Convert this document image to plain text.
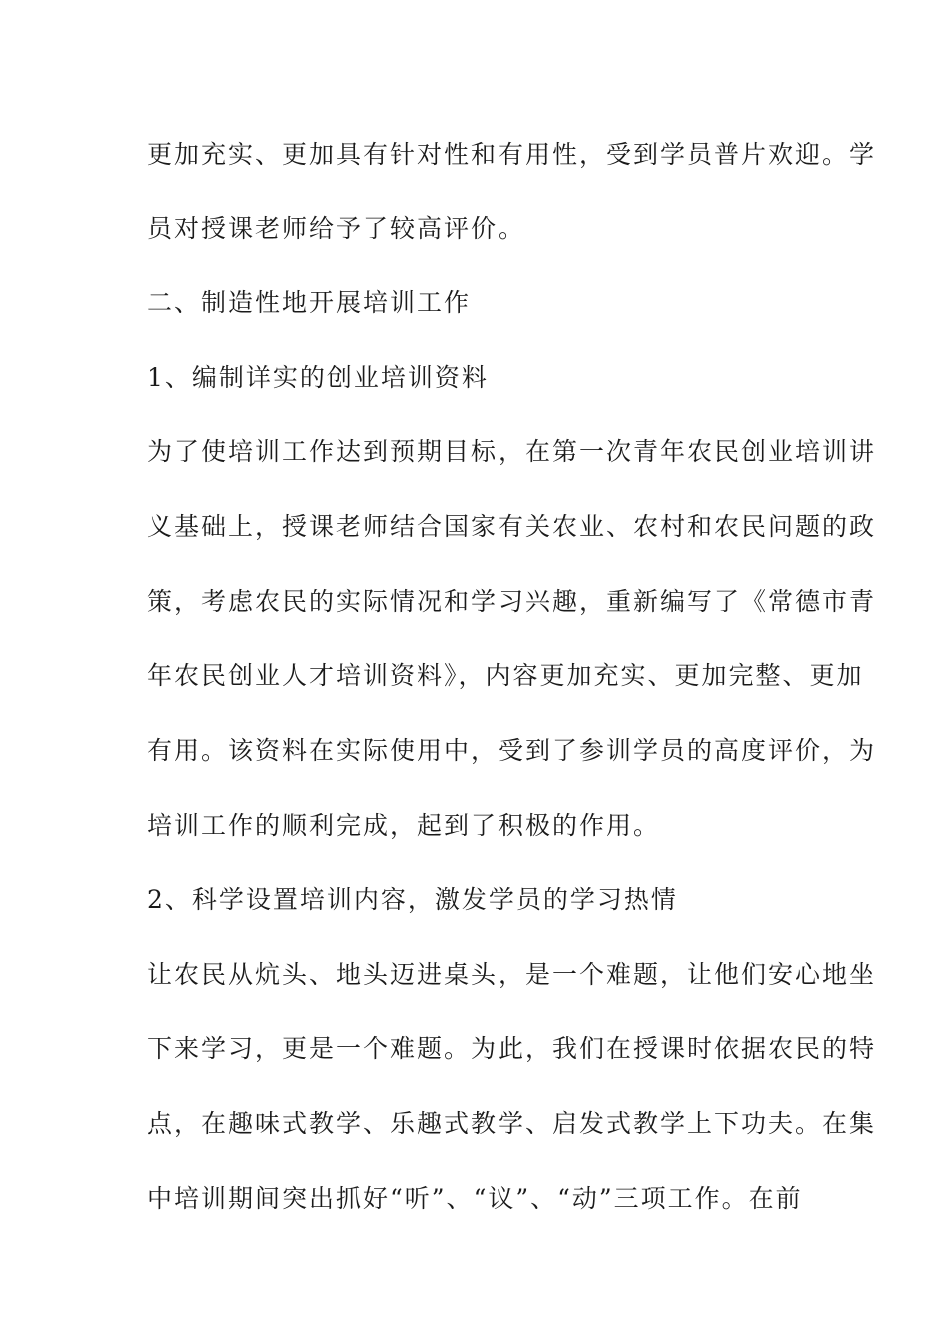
更加充实、更加具有针对性和有用性，受到学员普片欢迎。学
员对授课老师给予了较高评价。
二、制造性地开展培训工作
1、编制详实的创业培训资料
为了使培训工作达到预期目标，在第一次青年农民创业培训讲
义基础上，授课老师结合国家有关农业、农村和农民问题的政
策，考虑农民的实际情况和学习兴趣，重新编写了《常德市青
年农民创业人才培训资料》，内容更加充实、更加完整、更加
有用。该资料在实际使用中，受到了参训学员的高度评价，为
培训工作的顺利完成，起到了积极的作用。
2、科学设置培训内容，激发学员的学习热情
让农民从炕头、地头迈进桌头，是一个难题，让他们安心地坐
下来学习，更是一个难题。为此，我们在授课时依据农民的特
点，在趣味式教学、乐趣式教学、启发式教学上下功夫。在集
中培训期间突出抓好“听”、“议”、“动”三项工作。在前
